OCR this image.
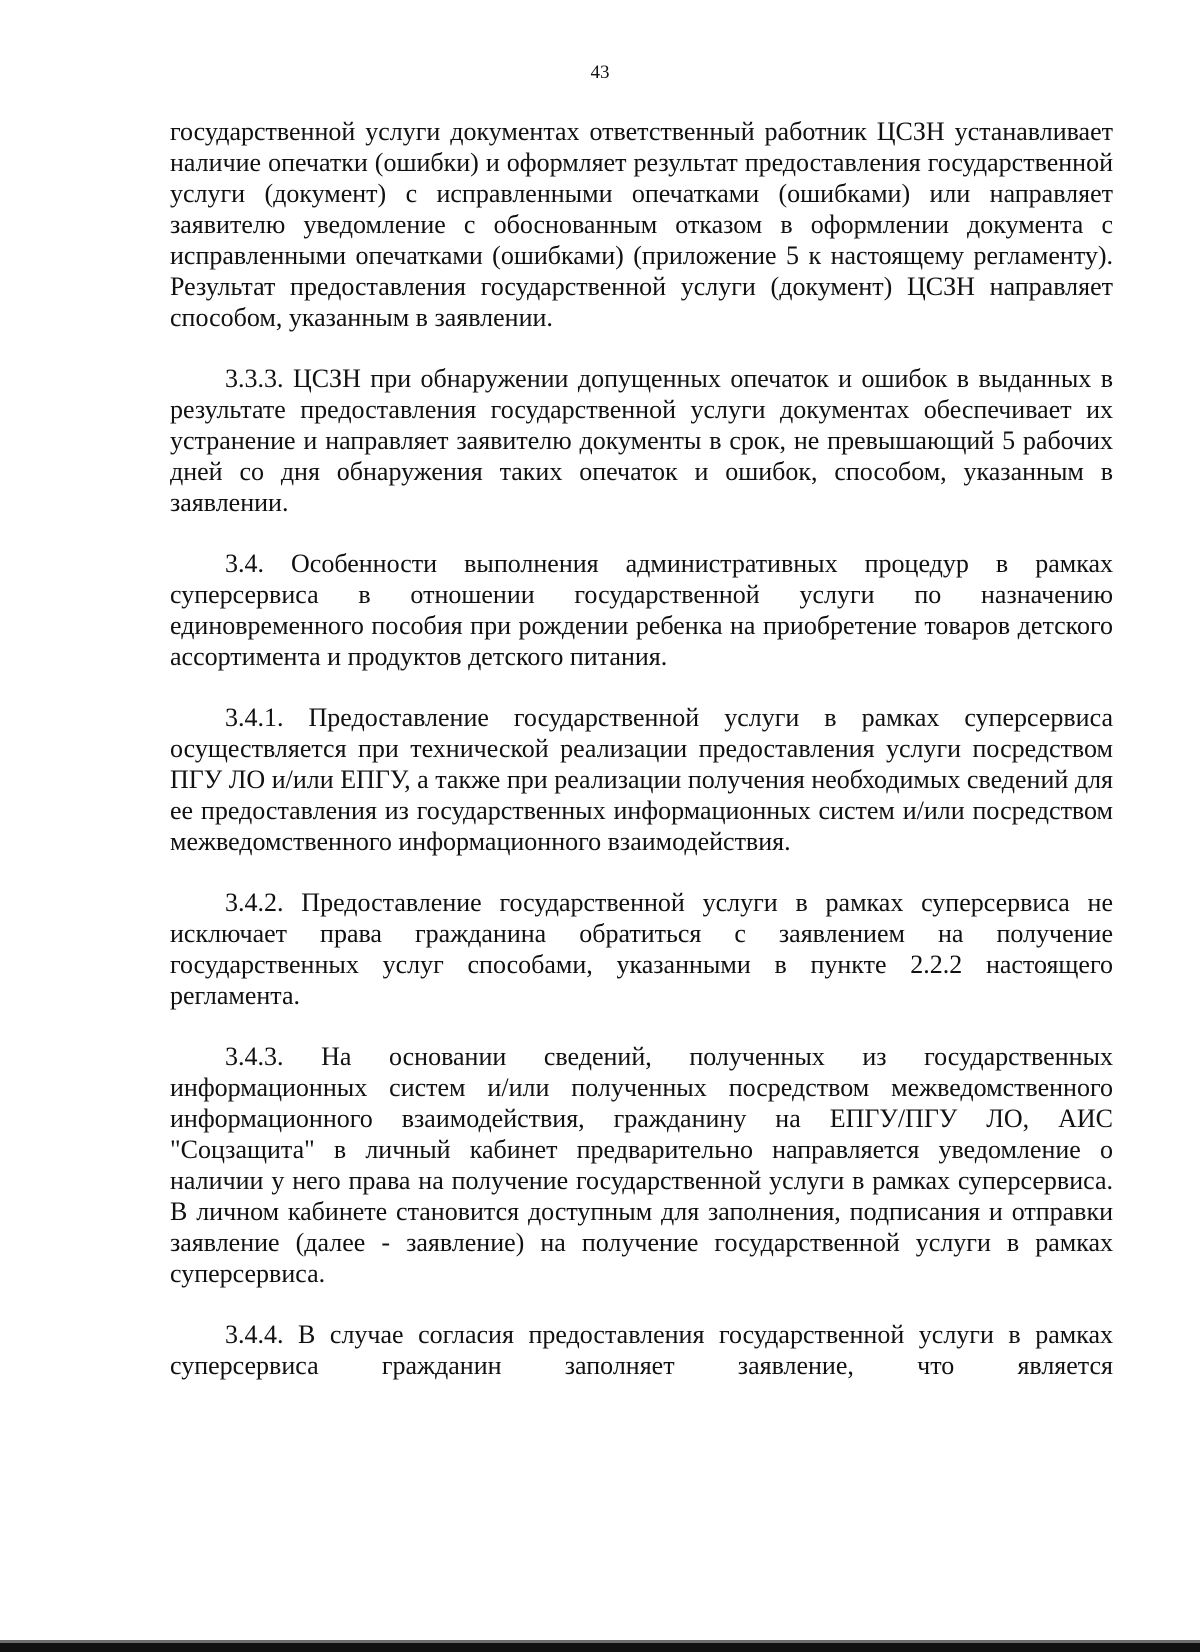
43

государственной услуги документах ответственный работник ЦСЗН устанавливает наличие опечатки (ошибки) и оформляет результат предоставления государственной услуги (документ) с исправленными опечатками (ошибками) или направляет заявителю уведомление с обоснованным отказом в оформлении документа с исправленными опечатками (ошибками) (приложение 5 к настоящему регламенту). Результат предоставления государственной услуги (документ) ЦСЗН направляет способом, указанным в заявлении.

3.3.3. ЦСЗН при обнаружении допущенных опечаток и ошибок в выданных в результате предоставления государственной услуги документах обеспечивает их устранение и направляет заявителю документы в срок, не превышающий 5 рабочих дней со дня обнаружения таких опечаток и ошибок, способом, указанным в заявлении.

3.4. Особенности выполнения административных процедур в рамках суперсервиса в отношении государственной услуги по назначению единовременного пособия при рождении ребенка на приобретение товаров детского ассортимента и продуктов детского питания.

3.4.1. Предоставление государственной услуги в рамках суперсервиса осуществляется при технической реализации предоставления услуги посредством ПГУ ЛО и/или ЕПГУ, а также при реализации получения необходимых сведений для ее предоставления из государственных информационных систем и/или посредством межведомственного информационного взаимодействия.

3.4.2. Предоставление государственной услуги в рамках суперсервиса не исключает права гражданина обратиться с заявлением на получение государственных услуг способами, указанными в пункте 2.2.2 настоящего регламента.

3.4.3. На основании сведений, полученных из государственных информационных систем и/или полученных посредством межведомственного информационного взаимодействия, гражданину на ЕПГУ/ПГУ ЛО, АИС "Соцзащита" в личный кабинет предварительно направляется уведомление о наличии у него права на получение государственной услуги в рамках суперсервиса. В личном кабинете становится доступным для заполнения, подписания и отправки заявление (далее - заявление) на получение государственной услуги в рамках суперсервиса.

3.4.4. В случае согласия предоставления государственной услуги в рамках суперсервиса гражданин заполняет заявление, что является
